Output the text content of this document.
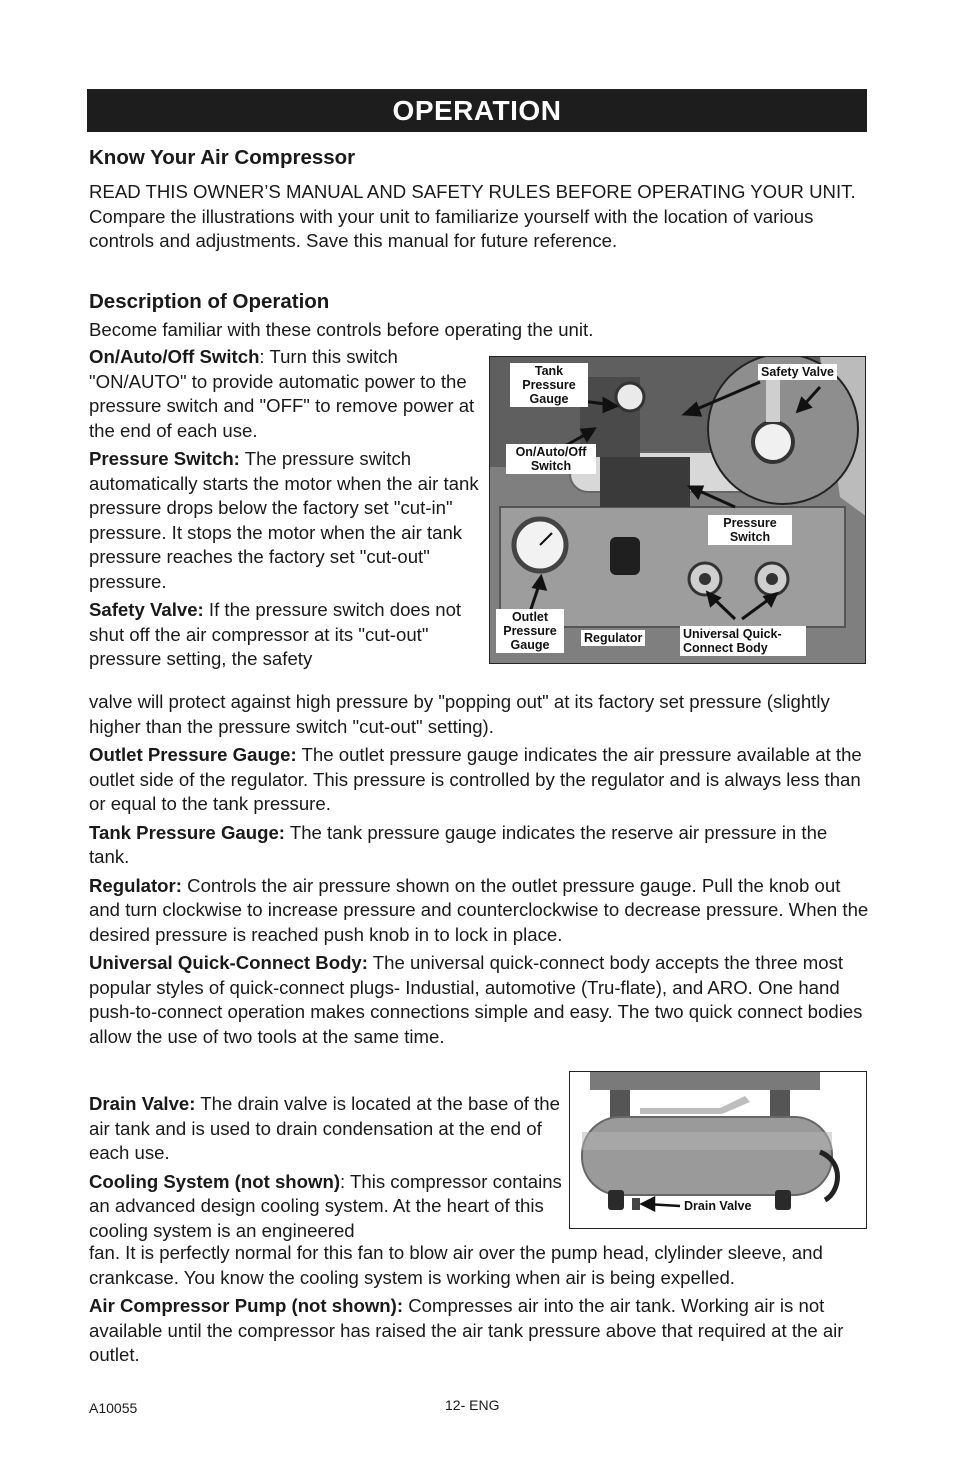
OPERATION
Know Your Air Compressor

READ THIS OWNER’S MANUAL AND SAFETY RULES BEFORE OPERATING YOUR UNIT. Compare the illustrations with your unit to familiarize yourself with the location of various controls and adjustments. Save this manual for future reference.

Description of Operation

Become familiar with these controls before operating the unit.

On/Auto/Off Switch: Turn this switch "ON/AUTO" to provide automatic power to the pressure switch and "OFF" to remove power at the end of each use.

Pressure Switch: The pressure switch automatically starts the motor when the air tank pressure drops below the factory set "cut-in" pressure. It stops the motor when the air tank pressure reaches the factory set "cut-out" pressure.

Safety Valve: If the pressure switch does not shut off the air compressor at its "cut-out" pressure setting, the safety

valve will protect against high pressure by "popping out" at its factory set pressure (slightly higher than the pressure switch "cut-out" setting).

Outlet Pressure Gauge: The outlet pressure gauge indicates the air pressure available at the outlet side of the regulator. This pressure is controlled by the regulator and is always less than or equal to the tank pressure.

Tank Pressure Gauge: The tank pressure gauge indicates the reserve air pressure in the tank.

Regulator: Controls the air pressure shown on the outlet pressure gauge. Pull the knob out and turn clockwise to increase pressure and counterclockwise to decrease pressure. When the desired pressure is reached push knob in to lock in place.

Universal Quick-Connect Body: The universal quick-connect body accepts the three most popular styles of quick-connect plugs- Industial, automotive (Tru-flate), and ARO. One hand push-to-connect operation makes connections simple and easy. The two quick connect bodies allow the use of two tools at the same time.

Drain Valve: The drain valve is located at the base of the air tank and is used to drain condensation at the end of each use.

Cooling System (not shown): This compressor contains an advanced design cooling system. At the heart of this cooling system is an engineered

fan. It is perfectly normal for this fan to blow air over the pump head, clylinder sleeve, and crankcase. You know the cooling system is working when air is being expelled.

Air Compressor Pump (not shown): Compresses air into the air tank. Working air is not available until the compressor has raised the air tank pressure above that required at the air outlet.

Tank Pressure Gauge
Safety Valve
On/Auto/Off Switch
Pressure Switch
Outlet Pressure Gauge	Regulator	Universal Quick-Connect Body
Drain Valve
A10055	12- ENG
